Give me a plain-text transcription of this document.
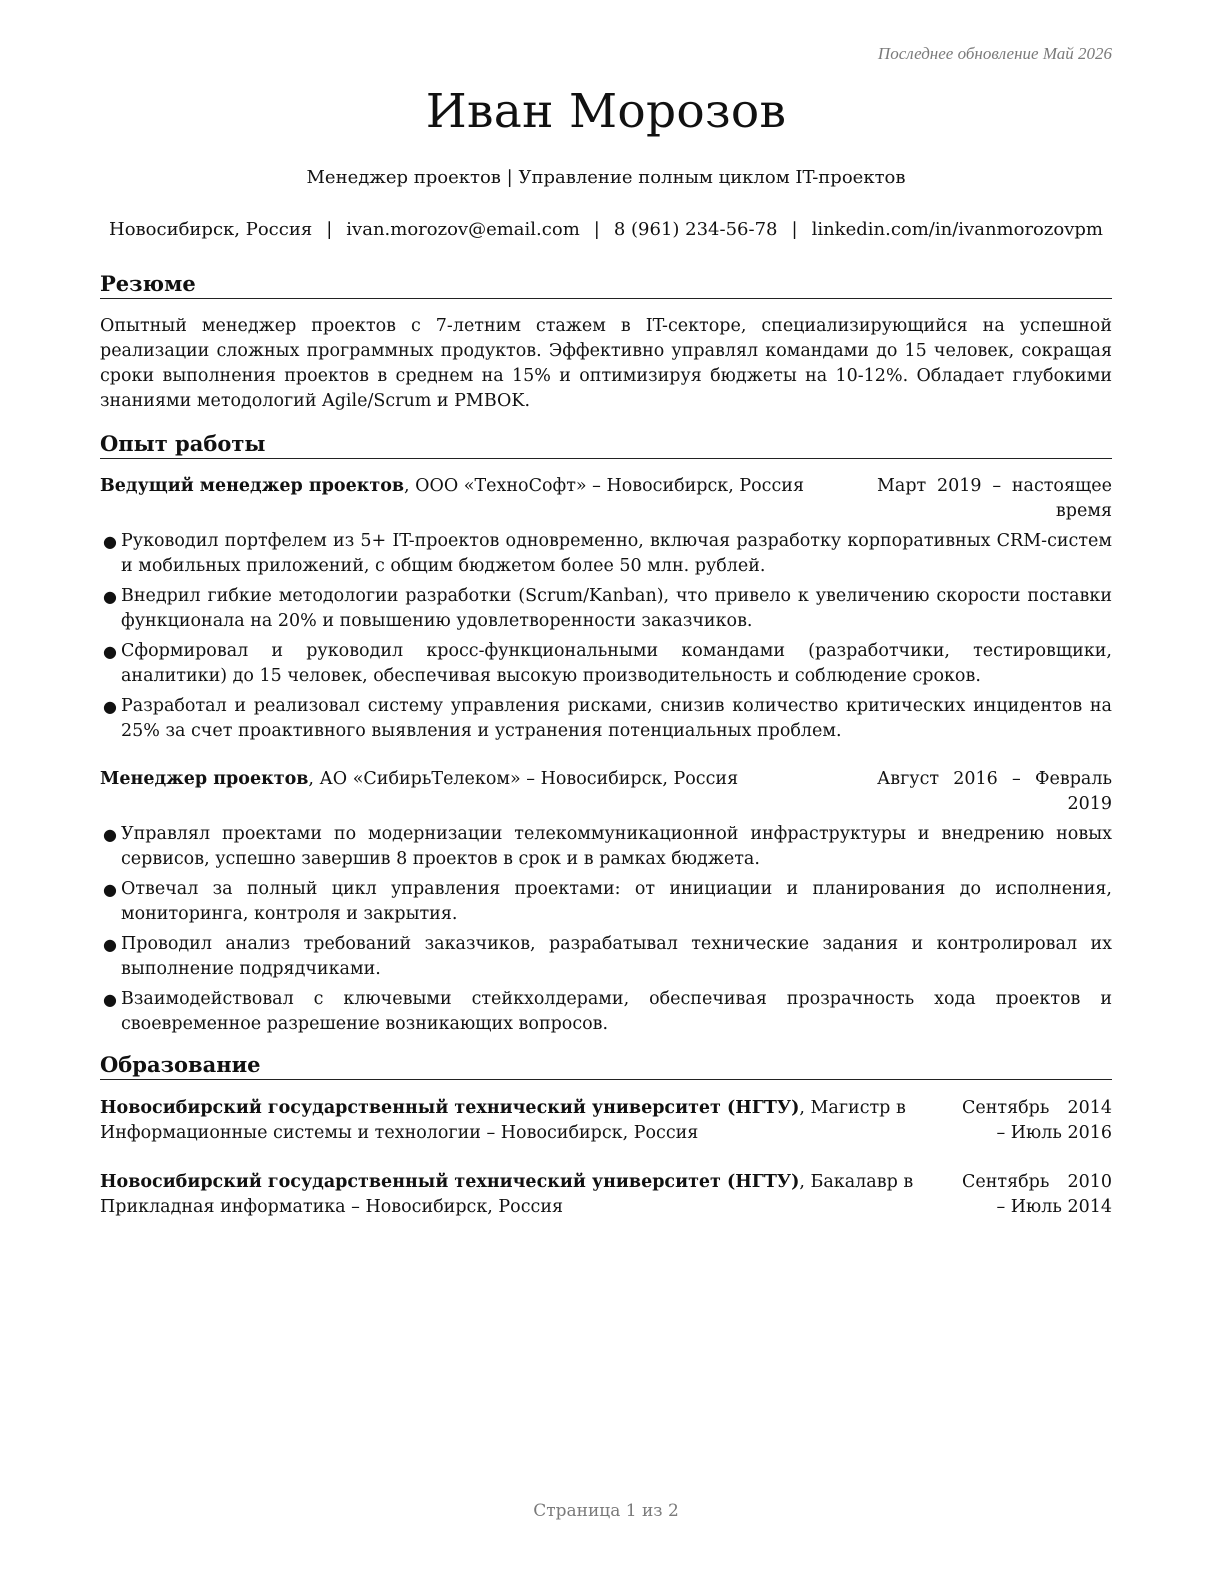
Последнее обновление Май 2026
Иван Морозов
Менеджер проектов | Управление полным циклом IT-проектов
Новосибирск, Россия | ivan.morozov@email.com | 8 (961) 234-56-78 | linkedin.com/in/ivanmorozovpm
Резюме
Опытный менеджер проектов с 7-летним стажем в IT-секторе, специализирующийся на успешной реализации сложных программных продуктов. Эффективно управлял командами до 15 человек, сокращая сроки выполнения проектов в среднем на 15% и оптимизируя бюджеты на 10-12%. Обладает глубокими знаниями методологий Agile/Scrum и PMBOK.
Опыт работы
Ведущий менеджер проектов, ООО «ТехноСофт» – Новосибирск, Россия	Март 2019 – настоящее время
● Руководил портфелем из 5+ IT-проектов одновременно, включая разработку корпоративных CRM-систем и мобильных приложений, с общим бюджетом более 50 млн. рублей.
● Внедрил гибкие методологии разработки (Scrum/Kanban), что привело к увеличению скорости поставки функционала на 20% и повышению удовлетворенности заказчиков.
● Сформировал и руководил кросс-функциональными командами (разработчики, тестировщики, аналитики) до 15 человек, обеспечивая высокую производительность и соблюдение сроков.
● Разработал и реализовал систему управления рисками, снизив количество критических инцидентов на 25% за счет проактивного выявления и устранения потенциальных проблем.
Менеджер проектов, АО «СибирьТелеком» – Новосибирск, Россия	Август 2016 – Февраль 2019
● Управлял проектами по модернизации телекоммуникационной инфраструктуры и внедрению новых сервисов, успешно завершив 8 проектов в срок и в рамках бюджета.
● Отвечал за полный цикл управления проектами: от инициации и планирования до исполнения, мониторинга, контроля и закрытия.
● Проводил анализ требований заказчиков, разрабатывал технические задания и контролировал их выполнение подрядчиками.
● Взаимодействовал с ключевыми стейкхолдерами, обеспечивая прозрачность хода проектов и своевременное разрешение возникающих вопросов.
Образование
Новосибирский государственный технический университет (НГТУ), Магистр в Информационные системы и технологии – Новосибирск, Россия
Сентябрь 2014 – Июль 2016
Новосибирский государственный технический университет (НГТУ), Бакалавр в Прикладная информатика – Новосибирск, Россия
Сентябрь 2010 – Июль 2014
Страница 1 из 2
